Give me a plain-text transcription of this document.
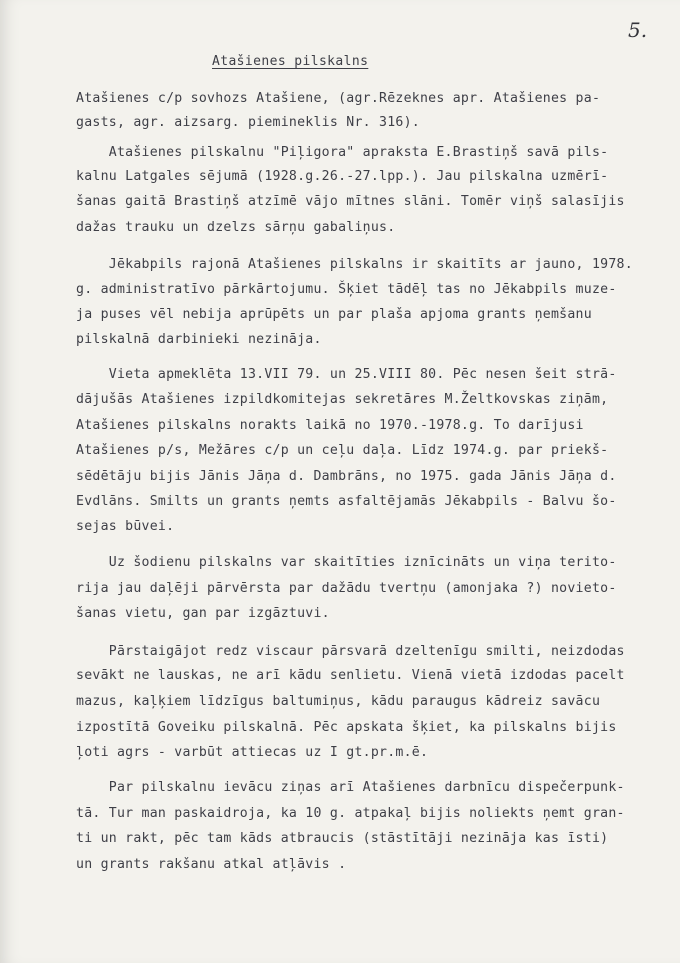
5.
Atašienes pilskalns
Atašienes c/p sovhozs Atašiene, (agr.Rēzeknes apr. Atašienes pa-
gasts, agr. aizsarg. piemineklis Nr. 316).
Atašienes pilskalnu "Piļigora" apraksta E.Brastiņš savā pils-
kalnu Latgales sējumā (1928.g.26.-27.lpp.). Jau pilskalna uzmērī-
šanas gaitā Brastiņš atzīmē vājo mītnes slāni. Tomēr viņš salasījis
dažas trauku un dzelzs sārņu gabaliņus.
Jēkabpils rajonā Atašienes pilskalns ir skaitīts ar jauno, 1978.
g. administratīvo pārkārtojumu. Šķiet tādēļ tas no Jēkabpils muze-
ja puses vēl nebija aprūpēts un par plaša apjoma grants ņemšanu
pilskalnā darbinieki nezināja.
Vieta apmeklēta 13.VII 79. un 25.VIII 80. Pēc nesen šeit strā-
dājušās Atašienes izpildkomitejas sekretāres M.Želtkovskas ziņām,
Atašienes pilskalns norakts laikā no 1970.-1978.g. To darījusi
Atašienes p/s, Mežāres c/p un ceļu daļa. Līdz 1974.g. par priekš-
sēdētāju bijis Jānis Jāņa d. Dambrāns, no 1975. gada Jānis Jāņa d.
Evdlāns. Smilts un grants ņemts asfaltējamās Jēkabpils - Balvu šo-
sejas būvei.
Uz šodienu pilskalns var skaitīties iznīcināts un viņa terito-
rija jau daļēji pārvērsta par dažādu tvertņu (amonjaka ?) novieto-
šanas vietu, gan par izgāztuvi.
Pārstaigājot redz viscaur pārsvarā dzeltenīgu smilti, neizdodas
sevākt ne lauskas, ne arī kādu senlietu. Vienā vietā izdodas pacelt
mazus, kaļķiem līdzīgus baltumiņus, kādu paraugus kādreiz savācu
izpostītā Goveiku pilskalnā. Pēc apskata šķiet, ka pilskalns bijis
ļoti agrs - varbūt attiecas uz I gt.pr.m.ē.
Par pilskalnu ievācu ziņas arī Atašienes darbnīcu dispečerpunk-
tā. Tur man paskaidroja, ka 10 g. atpakaļ bijis noliekts ņemt gran-
ti un rakt, pēc tam kāds atbraucis (stāstītāji nezināja kas īsti)
un grants rakšanu atkal atļāvis .
